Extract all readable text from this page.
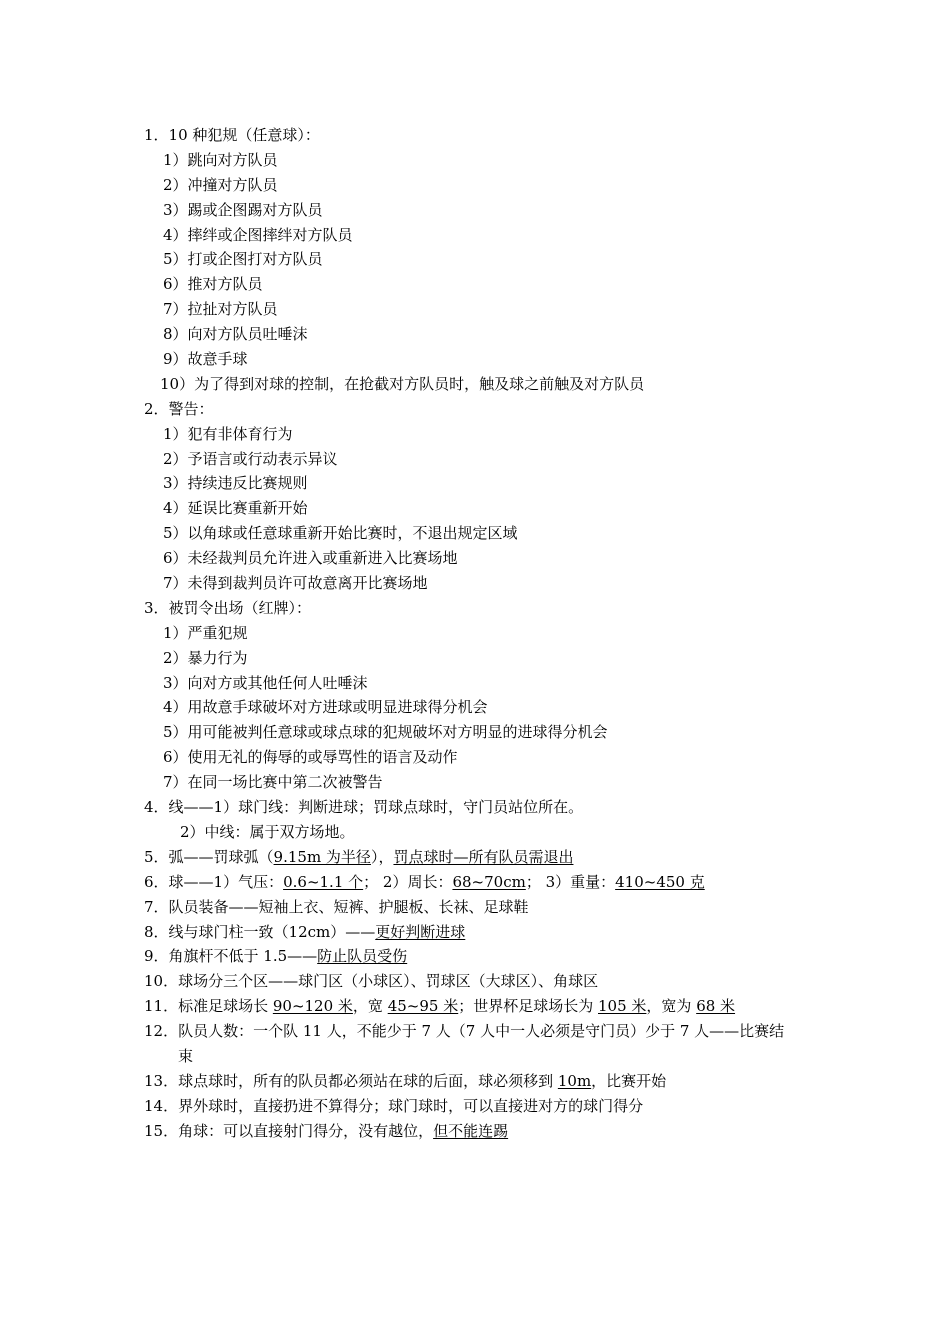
1．10 种犯规（任意球）：
1）跳向对方队员
2）冲撞对方队员
3）踢或企图踢对方队员
4）摔绊或企图摔绊对方队员
5）打或企图打对方队员
6）推对方队员
7）拉扯对方队员
8）向对方队员吐唾沫
9）故意手球
10）为了得到对球的控制，在抢截对方队员时，触及球之前触及对方队员
2．警告：
1）犯有非体育行为
2）予语言或行动表示异议
3）持续违反比赛规则
4）延误比赛重新开始
5）以角球或任意球重新开始比赛时，不退出规定区域
6）未经裁判员允许进入或重新进入比赛场地
7）未得到裁判员许可故意离开比赛场地
3．被罚令出场（红牌）：
1）严重犯规
2）暴力行为
3）向对方或其他任何人吐唾沫
4）用故意手球破坏对方进球或明显进球得分机会
5）用可能被判任意球或球点球的犯规破坏对方明显的进球得分机会
6）使用无礼的侮辱的或辱骂性的语言及动作
7）在同一场比赛中第二次被警告
4．线——1）球门线：判断进球；罚球点球时，守门员站位所在。
2）中线：属于双方场地。
5．弧——罚球弧（9.15m 为半径），罚点球时—所有队员需退出
6．球——1）气压：0.6~1.1 个； 2）周长：68~70cm； 3）重量：410~450 克
7．队员装备——短袖上衣、短裤、护腿板、长袜、足球鞋
8．线与球门柱一致（12cm）——更好判断进球
9．角旗杆不低于 1.5——防止队员受伤
10．球场分三个区——球门区（小球区）、罚球区（大球区）、角球区
11．标准足球场长 90~120 米，宽 45~95 米；世界杯足球场长为 105 米，宽为 68 米
12．队员人数：一个队 11 人，不能少于 7 人（7 人中一人必须是守门员）少于 7 人——比赛结
束
13．球点球时，所有的队员都必须站在球的后面，球必须移到 10m，比赛开始
14．界外球时，直接扔进不算得分；球门球时，可以直接进对方的球门得分
15．角球：可以直接射门得分，没有越位，但不能连踢
